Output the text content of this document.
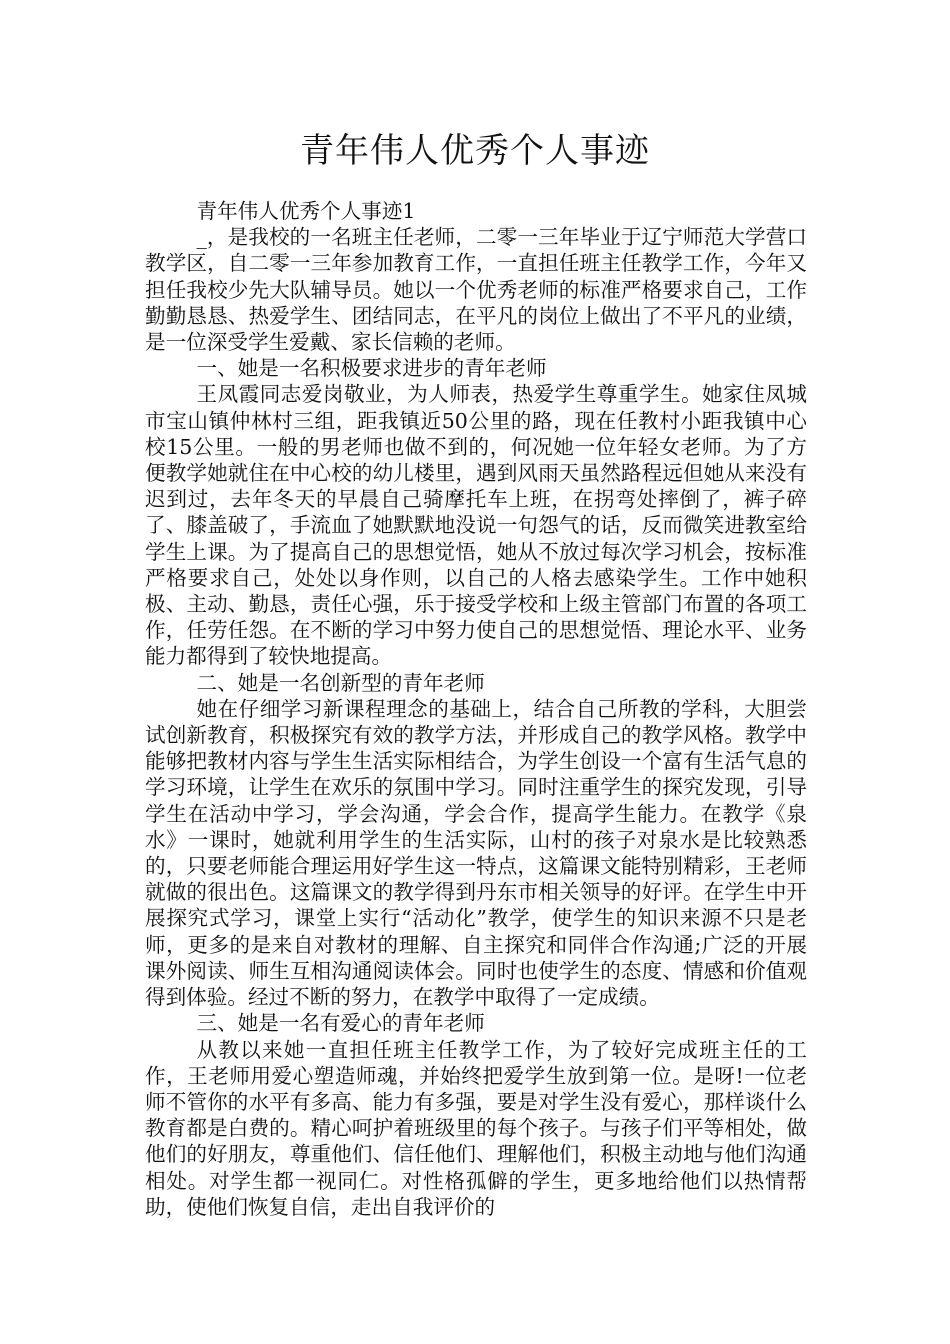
青年伟人优秀个人事迹

青年伟人优秀个人事迹1

_，是我校的一名班主任老师，二零一三年毕业于辽宁师范大学营口教学区，自二零一三年参加教育工作，一直担任班主任教学工作，今年又担任我校少先大队辅导员。她以一个优秀老师的标准严格要求自己，工作勤勤恳恳、热爱学生、团结同志，在平凡的岗位上做出了不平凡的业绩，是一位深受学生爱戴、家长信赖的老师。

一、她是一名积极要求进步的青年老师

王凤霞同志爱岗敬业，为人师表，热爱学生尊重学生。她家住凤城市宝山镇仲林村三组，距我镇近50公里的路，现在任教村小距我镇中心校15公里。一般的男老师也做不到的，何况她一位年轻女老师。为了方便教学她就住在中心校的幼儿楼里，遇到风雨天虽然路程远但她从来没有迟到过，去年冬天的早晨自己骑摩托车上班，在拐弯处摔倒了，裤子碎了、膝盖破了，手流血了她默默地没说一句怨气的话，反而微笑进教室给学生上课。为了提高自己的思想觉悟，她从不放过每次学习机会，按标准严格要求自己，处处以身作则，以自己的人格去感染学生。工作中她积极、主动、勤恳，责任心强，乐于接受学校和上级主管部门布置的各项工作，任劳任怨。在不断的学习中努力使自己的思想觉悟、理论水平、业务能力都得到了较快地提高。

二、她是一名创新型的青年老师

她在仔细学习新课程理念的基础上，结合自己所教的学科，大胆尝试创新教育，积极探究有效的教学方法，并形成自己的教学风格。教学中能够把教材内容与学生生活实际相结合，为学生创设一个富有生活气息的学习环境，让学生在欢乐的氛围中学习。同时注重学生的探究发现，引导学生在活动中学习，学会沟通，学会合作，提高学生能力。在教学《泉水》一课时，她就利用学生的生活实际，山村的孩子对泉水是比较熟悉的，只要老师能合理运用好学生这一特点，这篇课文能特别精彩，王老师就做的很出色。这篇课文的教学得到丹东市相关领导的好评。在学生中开展探究式学习，课堂上实行“活动化”教学，使学生的知识来源不只是老师，更多的是来自对教材的理解、自主探究和同伴合作沟通;广泛的开展课外阅读、师生互相沟通阅读体会。同时也使学生的态度、情感和价值观得到体验。经过不断的努力，在教学中取得了一定成绩。

三、她是一名有爱心的青年老师

从教以来她一直担任班主任教学工作，为了较好完成班主任的工作，王老师用爱心塑造师魂，并始终把爱学生放到第一位。是呀!一位老师不管你的水平有多高、能力有多强，要是对学生没有爱心，那样谈什么教育都是白费的。精心呵护着班级里的每个孩子。与孩子们平等相处，做他们的好朋友，尊重他们、信任他们、理解他们，积极主动地与他们沟通相处。对学生都一视同仁。对性格孤僻的学生，更多地给他们以热情帮助，使他们恢复自信，走出自我评价的
